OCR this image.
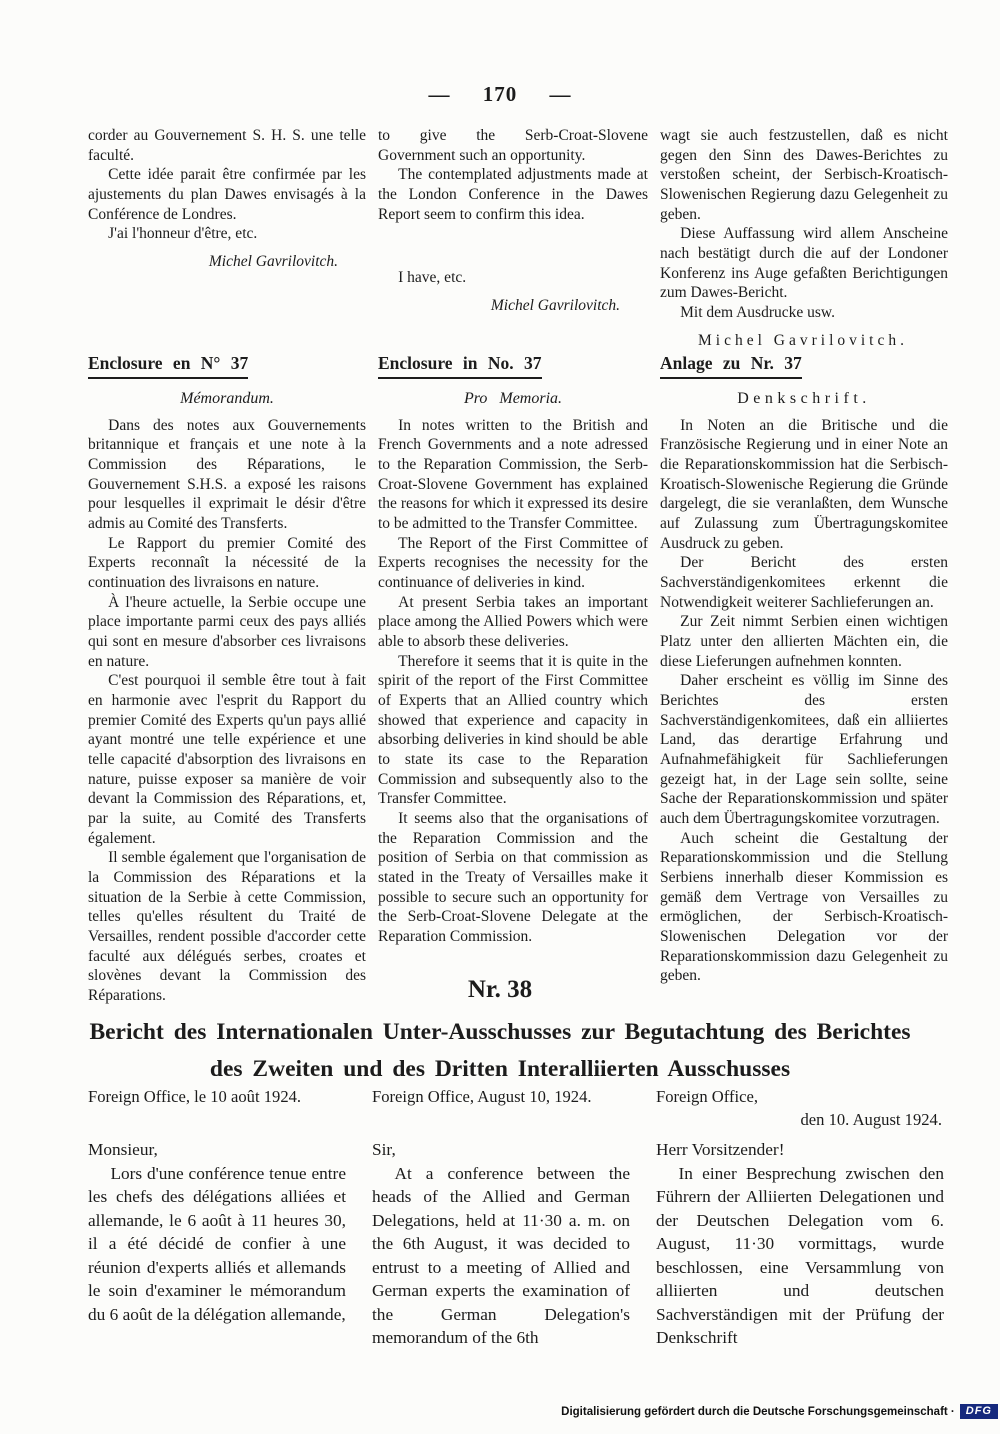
— 170 —

corder au Gouvernement S. H. S. une telle faculté.

Cette idée parait être confirmée par les ajustements du plan Dawes envisagés à la Conférence de Londres.

J'ai l'honneur d'être, etc.

Michel Gavrilovitch.

to give the Serb-Croat-Slovene Government such an opportunity.

The contemplated adjustments made at the London Conference in the Dawes Report seem to confirm this idea.

I have, etc.

Michel Gavrilovitch.

wagt sie auch festzustellen, daß es nicht gegen den Sinn des Dawes-Berichtes zu verstoßen scheint, der Serbisch-Kroatisch-Slowenischen Regierung dazu Gelegenheit zu geben.

Diese Auffassung wird allem Anscheine nach bestätigt durch die auf der Londoner Konferenz ins Auge gefaßten Berichtigungen zum Dawes-Bericht.

Mit dem Ausdrucke usw.

Michel Gavrilovitch.

Enclosure en N° 37

Mémorandum.

Dans des notes aux Gouvernements britannique et français et une note à la Commission des Réparations, le Gouvernement S.H.S. a exposé les raisons pour lesquelles il exprimait le désir d'être admis au Comité des Transferts.

Le Rapport du premier Comité des Experts reconnaît la nécessité de la continuation des livraisons en nature.

À l'heure actuelle, la Serbie occupe une place importante parmi ceux des pays alliés qui sont en mesure d'absorber ces livraisons en nature.

C'est pourquoi il semble être tout à fait en harmonie avec l'esprit du Rapport du premier Comité des Experts qu'un pays allié ayant montré une telle expérience et une telle capacité d'absorption des livraisons en nature, puisse exposer sa manière de voir devant la Commission des Réparations, et, par la suite, au Comité des Transferts également.

Il semble également que l'organisation de la Commission des Réparations et la situation de la Serbie à cette Commission, telles qu'elles résultent du Traité de Versailles, rendent possible d'accorder cette faculté aux délégués serbes, croates et slovènes devant la Commission des Réparations.

Enclosure in No. 37

Pro Memoria.

In notes written to the British and French Governments and a note adressed to the Reparation Commission, the Serb-Croat-Slovene Government has explained the reasons for which it expressed its desire to be admitted to the Transfer Committee.

The Report of the First Committee of Experts recognises the necessity for the continuance of deliveries in kind.

At present Serbia takes an important place among the Allied Powers which were able to absorb these deliveries.

Therefore it seems that it is quite in the spirit of the report of the First Committee of Experts that an Allied country which showed that experience and capacity in absorbing deliveries in kind should be able to state its case to the Reparation Commission and subsequently also to the Transfer Committee.

It seems also that the organisations of the Reparation Commission and the position of Serbia on that commission as stated in the Treaty of Versailles make it possible to secure such an opportunity for the Serb-Croat-Slovene Delegate at the Reparation Commission.

Anlage zu Nr. 37

Denkschrift.

In Noten an die Britische und die Französische Regierung und in einer Note an die Reparationskommission hat die Serbisch-Kroatisch-Slowenische Regierung die Gründe dargelegt, die sie veranlaßten, dem Wunsche auf Zulassung zum Übertragungskomitee Ausdruck zu geben.

Der Bericht des ersten Sachverständigenkomitees erkennt die Notwendigkeit weiterer Sachlieferungen an.

Zur Zeit nimmt Serbien einen wichtigen Platz unter den allierten Mächten ein, die diese Lieferungen aufnehmen konnten.

Daher erscheint es völlig im Sinne des Berichtes des ersten Sachverständigenkomitees, daß ein alliiertes Land, das derartige Erfahrung und Aufnahmefähigkeit für Sachlieferungen gezeigt hat, in der Lage sein sollte, seine Sache der Reparationskommission und später auch dem Übertragungskomitee vorzutragen.

Auch scheint die Gestaltung der Reparationskommission und die Stellung Serbiens innerhalb dieser Kommission es gemäß dem Vertrage von Versailles zu ermöglichen, der Serbisch-Kroatisch-Slowenischen Delegation vor der Reparationskommission dazu Gelegenheit zu geben.

Nr. 38
Bericht des Internationalen Unter-Ausschusses zur Begutachtung des Berichtes
des Zweiten und des Dritten Interalliierten Ausschusses
Foreign Office, le 10 août 1924.

Monsieur,

Lors d'une conférence tenue entre les chefs des délégations alliées et allemande, le 6 août à 11 heures 30, il a été décidé de confier à une réunion d'experts alliés et allemands le soin d'examiner le mémorandum du 6 août de la délégation allemande,

Foreign Office, August 10, 1924.

Sir,

At a conference between the heads of the Allied and German Delegations, held at 11·30 a. m. on the 6th August, it was decided to entrust to a meeting of Allied and German experts the examination of the German Delegation's memorandum of the 6th

Foreign Office,
den 10. August 1924.

Herr Vorsitzender!

In einer Besprechung zwischen den Führern der Alliierten Delegationen und der Deutschen Delegation vom 6. August, 11·30 vormittags, wurde beschlossen, eine Versammlung von alliierten und deutschen Sachverständigen mit der Prüfung der Denkschrift

Digitalisierung gefördert durch die Deutsche Forschungsgemeinschaft ·	DFG
